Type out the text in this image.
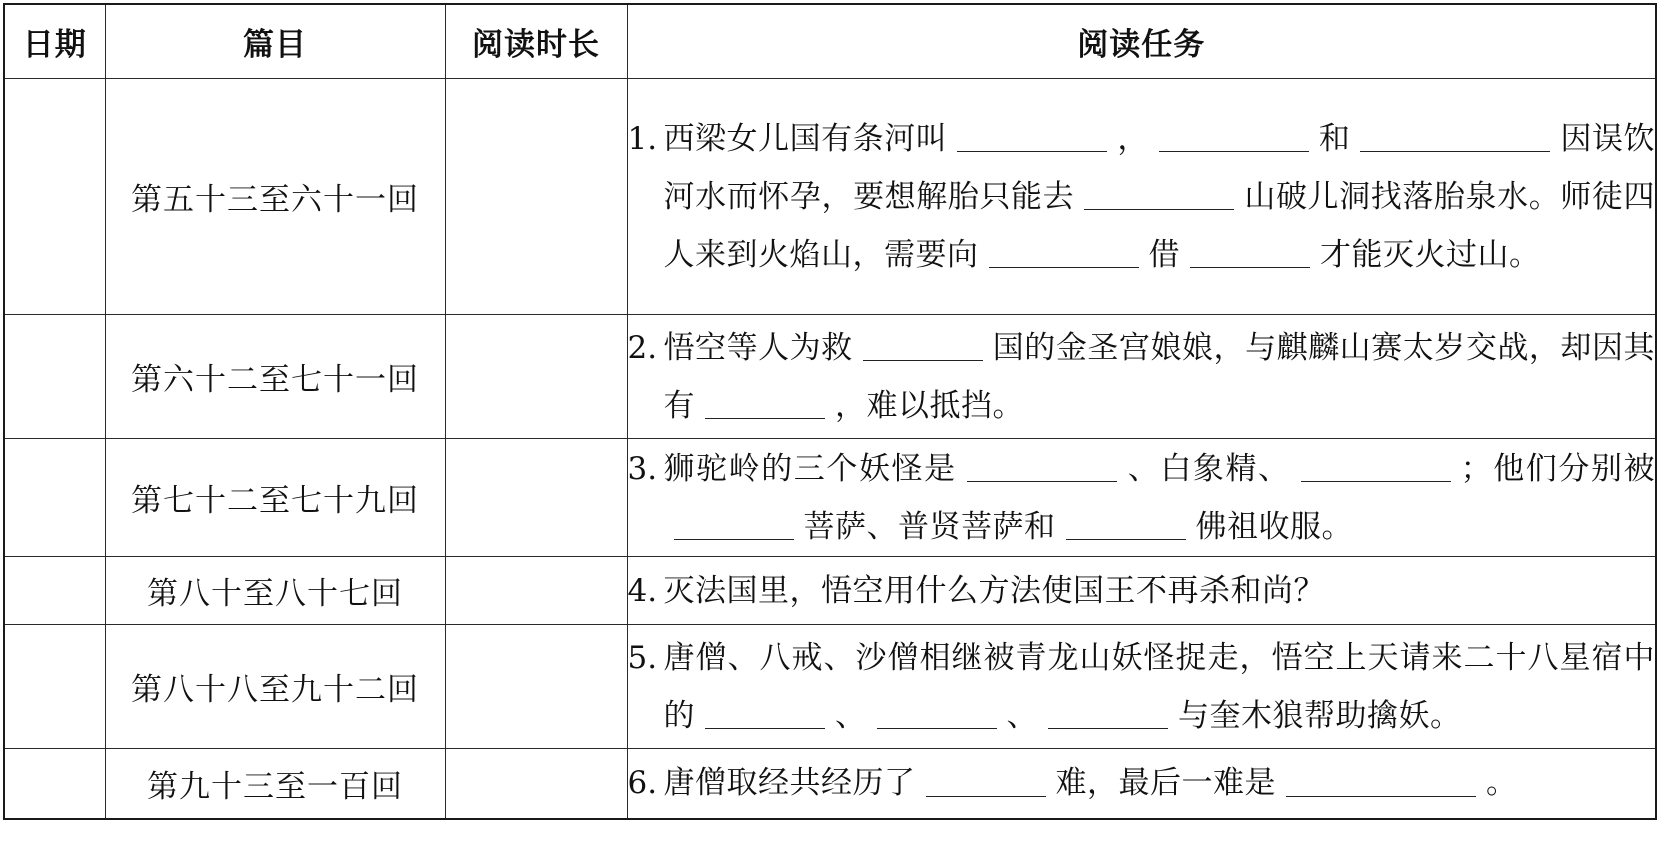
日期	篇目	阅读时长	阅读任务
	第五十三至六十一回		1. 西梁女儿国有条河叫 ， 和 因误饮河水而怀孕，要想解胎只能去 山破儿洞找落胎泉水。师徒四人来到火焰山，需要向 借 才能灭火过山。

	第六十二至七十一回		2. 悟空等人为救 国的金圣宫娘娘，与麒麟山赛太岁交战，却因其有 ，难以抵挡。

	第七十二至七十九回		3. 狮驼岭的三个妖怪是 、白象精、 ；他们分别被菩萨、普贤菩萨和 佛祖收服。

	第八十至八十七回		4. 灭法国里，悟空用什么方法使国王不再杀和尚？

	第八十八至九十二回		5. 唐僧、八戒、沙僧相继被青龙山妖怪捉走，悟空上天请来二十八星宿中的 、 、 与奎木狼帮助擒妖。

	第九十三至一百回		6. 唐僧取经共经历了 难，最后一难是 。
